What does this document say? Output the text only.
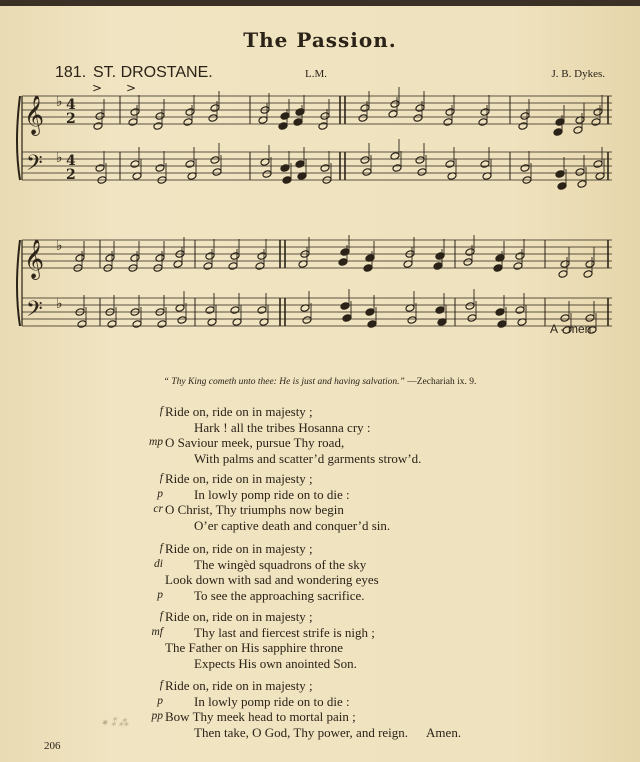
The Passion.
181. ST. DROSTANE.	L.M.	J. B. Dykes.
𝄞
𝄢
𝄞
𝄢
4
2
4
2
♭
♭
♭
♭
> >
A - men.
“ Thy King cometh unto thee: He is just and having salvation.” —Zechariah ix. 9.
f Ride on, ride on in majesty ;
Hark ! all the tribes Hosanna cry :
mp O Saviour meek, pursue Thy road,
With palms and scatter’d garments strow’d.
f Ride on, ride on in majesty ;
p In lowly pomp ride on to die :
cr O Christ, Thy triumphs now begin
O’er captive death and conquer’d sin.
f Ride on, ride on in majesty ;
di The wingèd squadrons of the sky
Look down with sad and wondering eyes
p To see the approaching sacrifice.
f Ride on, ride on in majesty ;
mf Thy last and fiercest strife is nigh ;
The Father on His sapphire throne
Expects His own anointed Son.
f Ride on, ride on in majesty ;
p In lowly pomp ride on to die :
pp Bow Thy meek head to mortal pain ;
Then take, O God, Thy power, and reign. Amen.
⁕ ⁑ ⁂
206
